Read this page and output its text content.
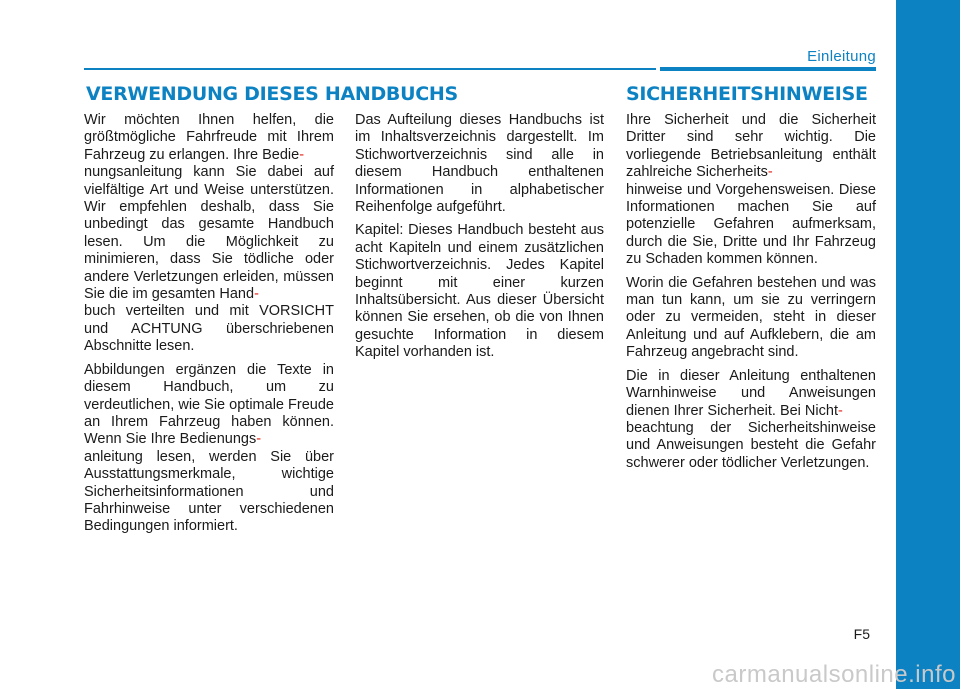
Einleitung
VERWENDUNG DIESES HANDBUCHS	SICHERHEITSHINWEISE

Wir möchten Ihnen helfen, die größtmögliche Fahrfreude mit Ihrem Fahrzeug zu erlangen. Ihre Bedie-
nungsanleitung kann Sie dabei auf vielfältige Art und Weise unterstützen. Wir empfehlen deshalb, dass Sie unbedingt das gesamte Handbuch lesen. Um die Möglichkeit zu minimieren, dass Sie tödliche oder andere Verletzungen erleiden, müssen Sie die im gesamten Hand-
buch verteilten und mit VORSICHT und ACHTUNG überschriebenen Abschnitte lesen.

Abbildungen ergänzen die Texte in diesem Handbuch, um zu verdeutlichen, wie Sie optimale Freude an Ihrem Fahrzeug haben können. Wenn Sie Ihre Bedienungs-
anleitung lesen, werden Sie über Ausstattungsmerkmale, wichtige Sicherheitsinformationen und Fahrhinweise unter verschiedenen Bedingungen informiert.

Das Aufteilung dieses Handbuchs ist im Inhaltsverzeichnis dargestellt. Im Stichwortverzeichnis sind alle in diesem Handbuch enthaltenen Informationen in alphabetischer Reihenfolge aufgeführt.

Kapitel: Dieses Handbuch besteht aus acht Kapiteln und einem zusätzlichen Stichwortverzeichnis. Jedes Kapitel beginnt mit einer kurzen Inhaltsübersicht. Aus dieser Übersicht können Sie ersehen, ob die von Ihnen gesuchte Information in diesem Kapitel vorhanden ist.

Ihre Sicherheit und die Sicherheit Dritter sind sehr wichtig. Die vorliegende Betriebsanleitung enthält zahlreiche Sicherheits-
hinweise und Vorgehensweisen. Diese Informationen machen Sie auf potenzielle Gefahren aufmerksam, durch die Sie, Dritte und Ihr Fahrzeug zu Schaden kommen können.

Worin die Gefahren bestehen und was man tun kann, um sie zu verringern oder zu vermeiden, steht in dieser Anleitung und auf Aufklebern, die am Fahrzeug angebracht sind.

Die in dieser Anleitung enthaltenen Warnhinweise und Anweisungen dienen Ihrer Sicherheit. Bei Nicht-
beachtung der Sicherheitshinweise und Anweisungen besteht die Gefahr schwerer oder tödlicher Verletzungen.

F5
carmanualsonline.info
